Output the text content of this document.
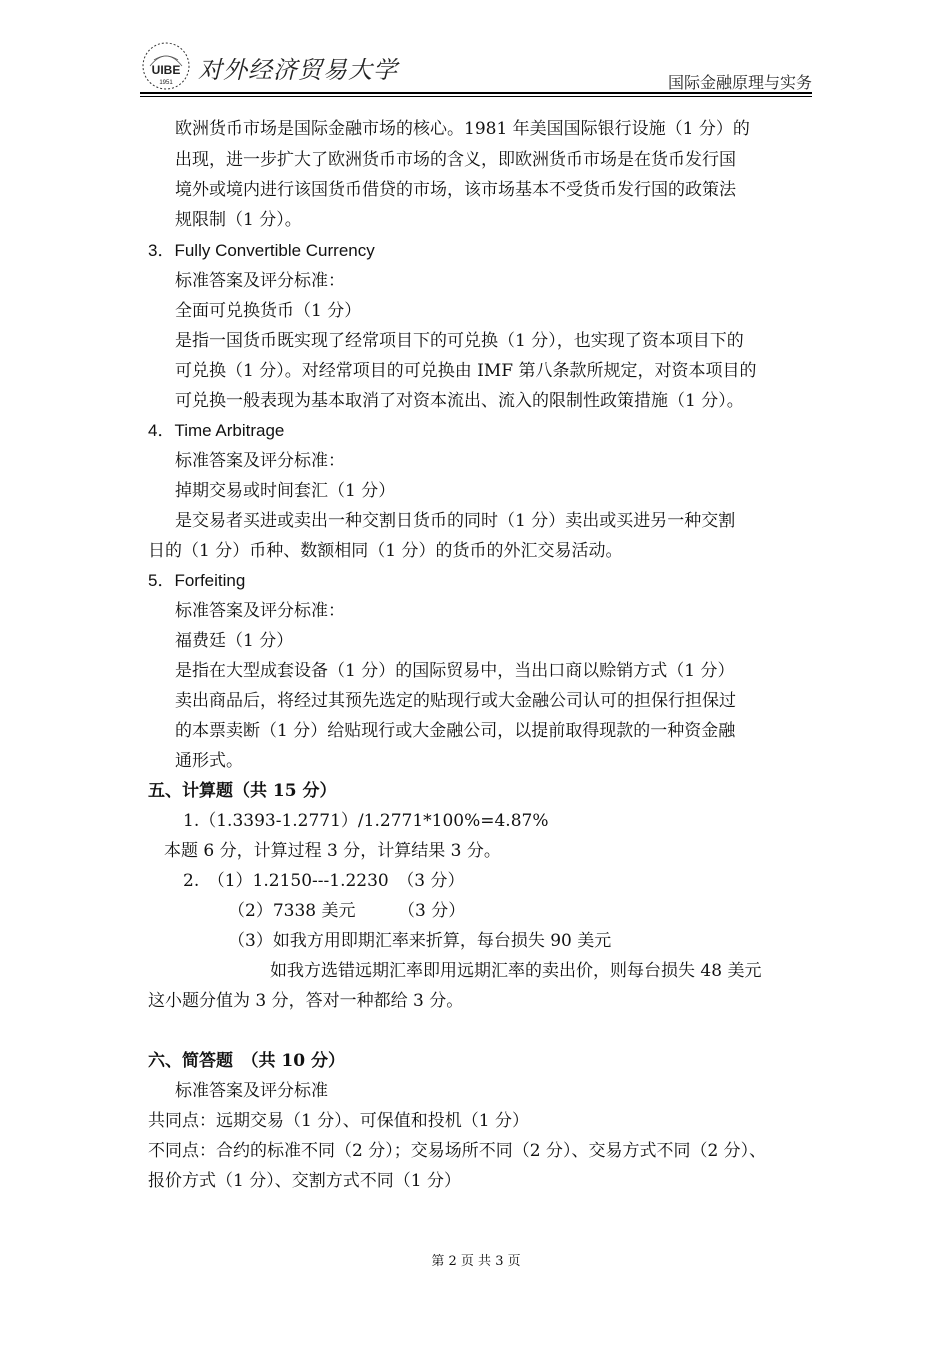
UIBE
1951 对外经济贸易大学	国际金融原理与实务
欧洲货币市场是国际金融市场的核心。1981 年美国国际银行设施（1 分）的
出现，进一步扩大了欧洲货币市场的含义，即欧洲货币市场是在货币发行国
境外或境内进行该国货币借贷的市场，该市场基本不受货币发行国的政策法
规限制（1 分）。
3．Fully Convertible Currency
标准答案及评分标准：
全面可兑换货币（1 分）
是指一国货币既实现了经常项目下的可兑换（1 分），也实现了资本项目下的
可兑换（1 分）。对经常项目的可兑换由 IMF 第八条款所规定，对资本项目的
可兑换一般表现为基本取消了对资本流出、流入的限制性政策措施（1 分）。
4．Time Arbitrage
标准答案及评分标准：
掉期交易或时间套汇（1 分）
是交易者买进或卖出一种交割日货币的同时（1 分）卖出或买进另一种交割
日的（1 分）币种、数额相同（1 分）的货币的外汇交易活动。
5．Forfeiting
标准答案及评分标准：
福费廷（1 分）
是指在大型成套设备（1 分）的国际贸易中，当出口商以赊销方式（1 分）
卖出商品后，将经过其预先选定的贴现行或大金融公司认可的担保行担保过
的本票卖断（1 分）给贴现行或大金融公司，以提前取得现款的一种资金融
通形式。
五、计算题（共 15 分）
1.（1.3393-1.2771）/1.2771*100%=4.87%
本题 6 分，计算过程 3 分，计算结果 3 分。
2.　（1）1.2150---1.2230　（3 分）
（2）7338 美元　　　（3 分）
（3）如我方用即期汇率来折算，每台损失 90 美元
如我方选错远期汇率即用远期汇率的卖出价，则每台损失 48 美元
这小题分值为 3 分，答对一种都给 3 分。
六、简答题　（共 10 分）
标准答案及评分标准
共同点：远期交易（1 分）、可保值和投机（1 分）
不同点：合约的标准不同（2 分）；交易场所不同（2 分）、交易方式不同（2 分）、
报价方式（1 分）、交割方式不同（1 分）
第 2 页 共 3 页
